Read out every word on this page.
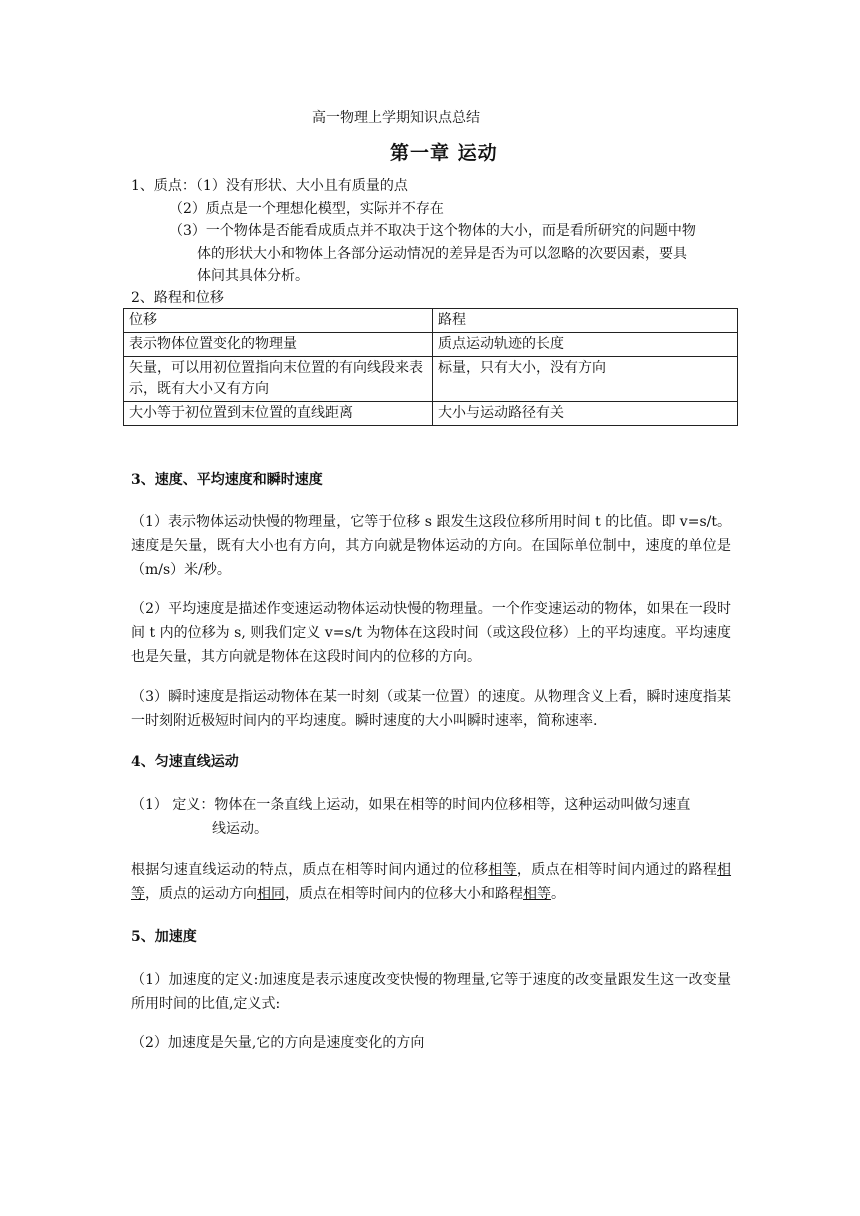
高一物理上学期知识点总结
第一章 运动
1、质点：（1）没有形状、大小且有质量的点
（2）质点是一个理想化模型，实际并不存在
（3）一个物体是否能看成质点并不取决于这个物体的大小，而是看所研究的问题中物
体的形状大小和物体上各部分运动情况的差异是否为可以忽略的次要因素，要具
体问其具体分析。
2、路程和位移
位移	路程
表示物体位置变化的物理量	质点运动轨迹的长度
矢量，可以用初位置指向末位置的有向线段来表示，既有大小又有方向	标量，只有大小，没有方向
大小等于初位置到末位置的直线距离	大小与运动路径有关
3、速度、平均速度和瞬时速度
（1）表示物体运动快慢的物理量，它等于位移 s 跟发生这段位移所用时间 t 的比值。即 v=s/t。速度是矢量，既有大小也有方向，其方向就是物体运动的方向。在国际单位制中，速度的单位是（m/s）米/秒。
（2）平均速度是描述作变速运动物体运动快慢的物理量。一个作变速运动的物体，如果在一段时间 t 内的位移为 s, 则我们定义 v=s/t 为物体在这段时间（或这段位移）上的平均速度。平均速度也是矢量，其方向就是物体在这段时间内的位移的方向。
（3）瞬时速度是指运动物体在某一时刻（或某一位置）的速度。从物理含义上看，瞬时速度指某一时刻附近极短时间内的平均速度。瞬时速度的大小叫瞬时速率，简称速率.
4、匀速直线运动
（1） 定义：物体在一条直线上运动，如果在相等的时间内位移相等，这种运动叫做匀速直
线运动。
根据匀速直线运动的特点，质点在相等时间内通过的位移相等，质点在相等时间内通过的路程相等，质点的运动方向相同，质点在相等时间内的位移大小和路程相等。
5、加速度
（1）加速度的定义:加速度是表示速度改变快慢的物理量,它等于速度的改变量跟发生这一改变量所用时间的比值,定义式:
（2）加速度是矢量,它的方向是速度变化的方向
